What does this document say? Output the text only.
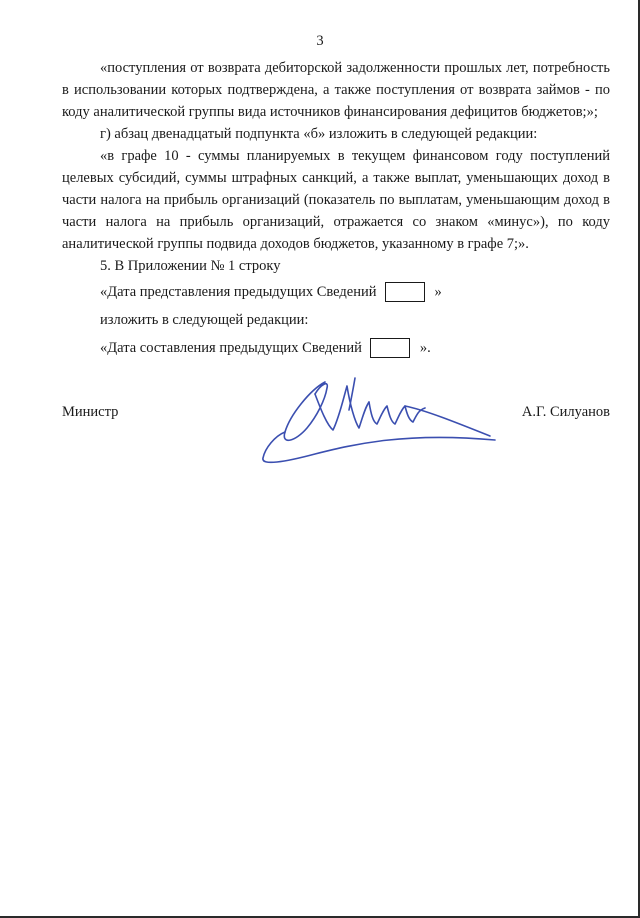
3

«поступления от возврата дебиторской задолженности прошлых лет, потребность в использовании которых подтверждена, а также поступления от возврата займов - по коду аналитической группы вида источников финансирования дефицитов бюджетов;»;

г) абзац двенадцатый подпункта «б» изложить в следующей редакции:

«в графе 10 - суммы планируемых в текущем финансовом году поступлений целевых субсидий, суммы штрафных санкций, а также выплат, уменьшающих доход в части налога на прибыль организаций (показатель по выплатам, уменьшающим доход в части налога на прибыль организаций, отражается со знаком «минус»), по коду аналитической группы подвида доходов бюджетов, указанному в графе 7;».

5. В Приложении № 1 строку

«Дата представления предыдущих Сведений	»
изложить в следующей редакции:
«Дата составления предыдущих Сведений	».
Министр	А.Г. Силуанов
